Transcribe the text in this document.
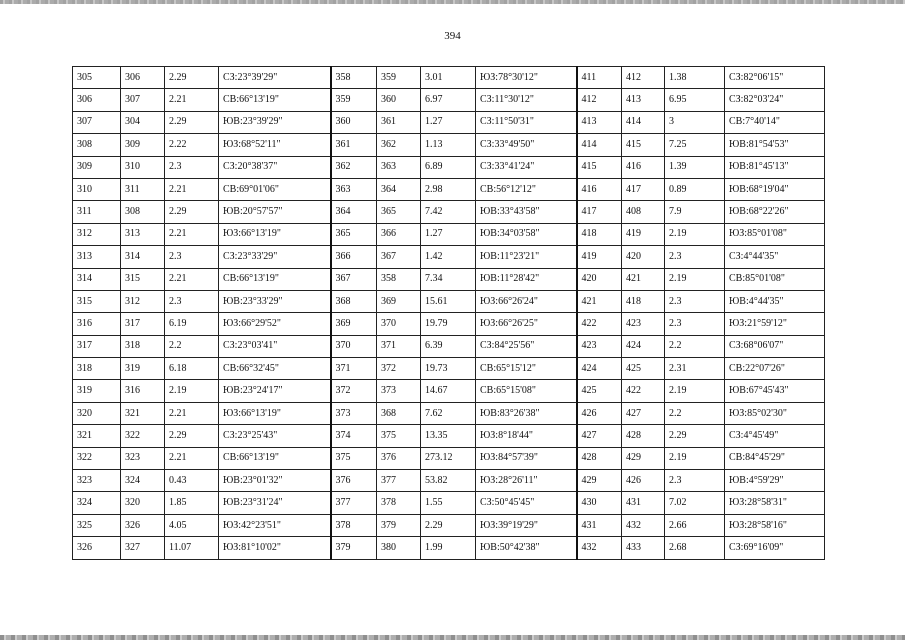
394
305	306	2.29	СЗ:23°39'29"	358	359	3.01	ЮЗ:78°30'12"	411	412	1.38	СЗ:82°06'15"
306	307	2.21	СВ:66°13'19"	359	360	6.97	СЗ:11°30'12"	412	413	6.95	СЗ:82°03'24"
307	304	2.29	ЮВ:23°39'29"	360	361	1.27	СЗ:11°50'31"	413	414	3	СВ:7°40'14"
308	309	2.22	ЮЗ:68°52'11"	361	362	1.13	СЗ:33°49'50"	414	415	7.25	ЮВ:81°54'53"
309	310	2.3	СЗ:20°38'37"	362	363	6.89	СЗ:33°41'24"	415	416	1.39	ЮВ:81°45'13"
310	311	2.21	СВ:69°01'06"	363	364	2.98	СВ:56°12'12"	416	417	0.89	ЮВ:68°19'04"
311	308	2.29	ЮВ:20°57'57"	364	365	7.42	ЮВ:33°43'58"	417	408	7.9	ЮВ:68°22'26"
312	313	2.21	ЮЗ:66°13'19"	365	366	1.27	ЮВ:34°03'58"	418	419	2.19	ЮЗ:85°01'08"
313	314	2.3	СЗ:23°33'29"	366	367	1.42	ЮВ:11°23'21"	419	420	2.3	СЗ:4°44'35"
314	315	2.21	СВ:66°13'19"	367	358	7.34	ЮВ:11°28'42"	420	421	2.19	СВ:85°01'08"
315	312	2.3	ЮВ:23°33'29"	368	369	15.61	ЮЗ:66°26'24"	421	418	2.3	ЮВ:4°44'35"
316	317	6.19	ЮЗ:66°29'52"	369	370	19.79	ЮЗ:66°26'25"	422	423	2.3	ЮЗ:21°59'12"
317	318	2.2	СЗ:23°03'41"	370	371	6.39	СЗ:84°25'56"	423	424	2.2	СЗ:68°06'07"
318	319	6.18	СВ:66°32'45"	371	372	19.73	СВ:65°15'12"	424	425	2.31	СВ:22°07'26"
319	316	2.19	ЮВ:23°24'17"	372	373	14.67	СВ:65°15'08"	425	422	2.19	ЮВ:67°45'43"
320	321	2.21	ЮЗ:66°13'19"	373	368	7.62	ЮВ:83°26'38"	426	427	2.2	ЮЗ:85°02'30"
321	322	2.29	СЗ:23°25'43"	374	375	13.35	ЮЗ:8°18'44"	427	428	2.29	СЗ:4°45'49"
322	323	2.21	СВ:66°13'19"	375	376	273.12	ЮЗ:84°57'39"	428	429	2.19	СВ:84°45'29"
323	324	0.43	ЮВ:23°01'32"	376	377	53.82	ЮЗ:28°26'11"	429	426	2.3	ЮВ:4°59'29"
324	320	1.85	ЮВ:23°31'24"	377	378	1.55	СЗ:50°45'45"	430	431	7.02	ЮЗ:28°58'31"
325	326	4.05	ЮЗ:42°23'51"	378	379	2.29	ЮЗ:39°19'29"	431	432	2.66	ЮЗ:28°58'16"
326	327	11.07	ЮЗ:81°10'02"	379	380	1.99	ЮВ:50°42'38"	432	433	2.68	СЗ:69°16'09"
